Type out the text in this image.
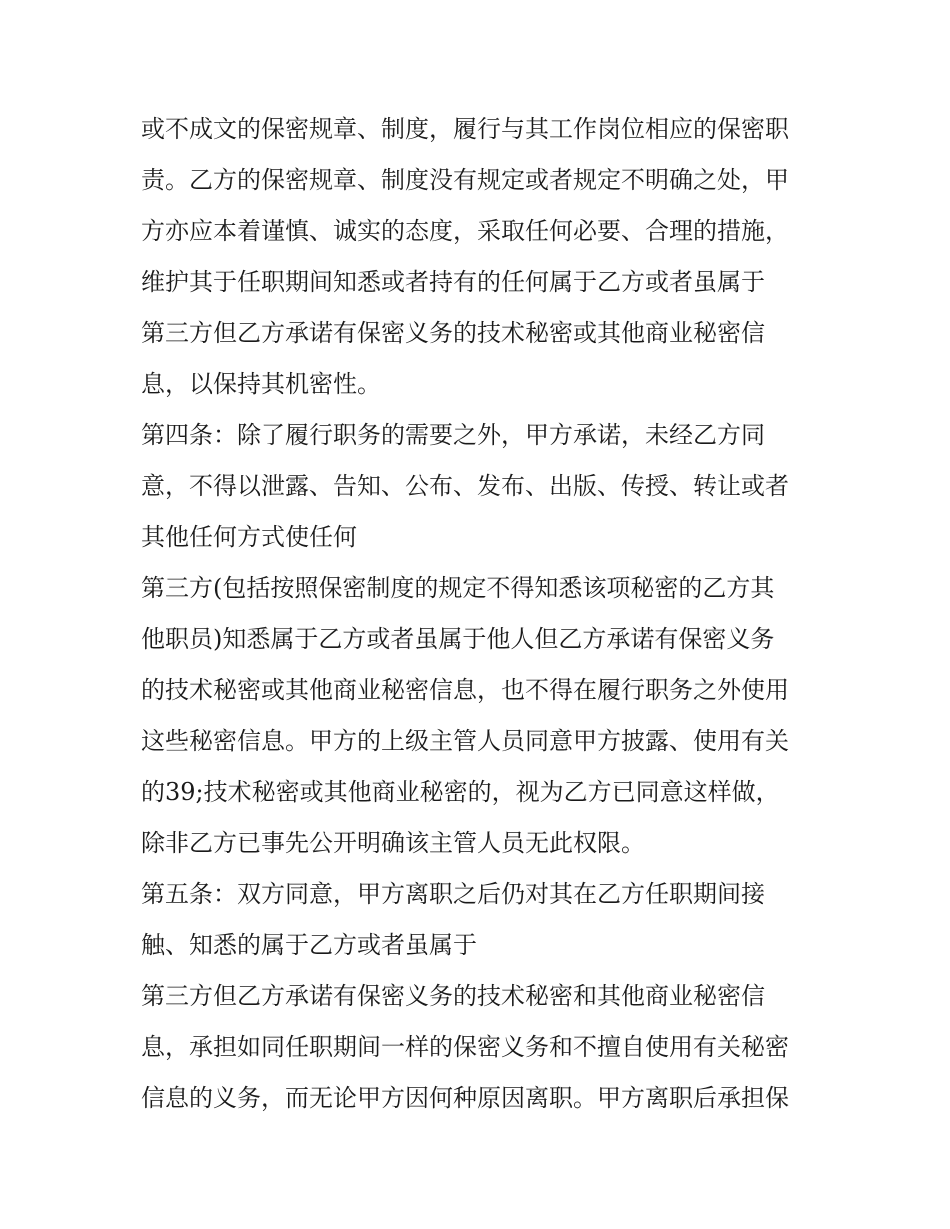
或不成文的保密规章、制度，履行与其工作岗位相应的保密职
责。乙方的保密规章、制度没有规定或者规定不明确之处，甲
方亦应本着谨慎、诚实的态度，采取任何必要、合理的措施，
维护其于任职期间知悉或者持有的任何属于乙方或者虽属于
第三方但乙方承诺有保密义务的技术秘密或其他商业秘密信
息，以保持其机密性。
第四条：除了履行职务的需要之外，甲方承诺，未经乙方同
意，不得以泄露、告知、公布、发布、出版、传授、转让或者
其他任何方式使任何
第三方(包括按照保密制度的规定不得知悉该项秘密的乙方其
他职员)知悉属于乙方或者虽属于他人但乙方承诺有保密义务
的技术秘密或其他商业秘密信息，也不得在履行职务之外使用
这些秘密信息。甲方的上级主管人员同意甲方披露、使用有关
的39;技术秘密或其他商业秘密的，视为乙方已同意这样做，
除非乙方已事先公开明确该主管人员无此权限。
第五条：双方同意，甲方离职之后仍对其在乙方任职期间接
触、知悉的属于乙方或者虽属于
第三方但乙方承诺有保密义务的技术秘密和其他商业秘密信
息，承担如同任职期间一样的保密义务和不擅自使用有关秘密
信息的义务，而无论甲方因何种原因离职。甲方离职后承担保
